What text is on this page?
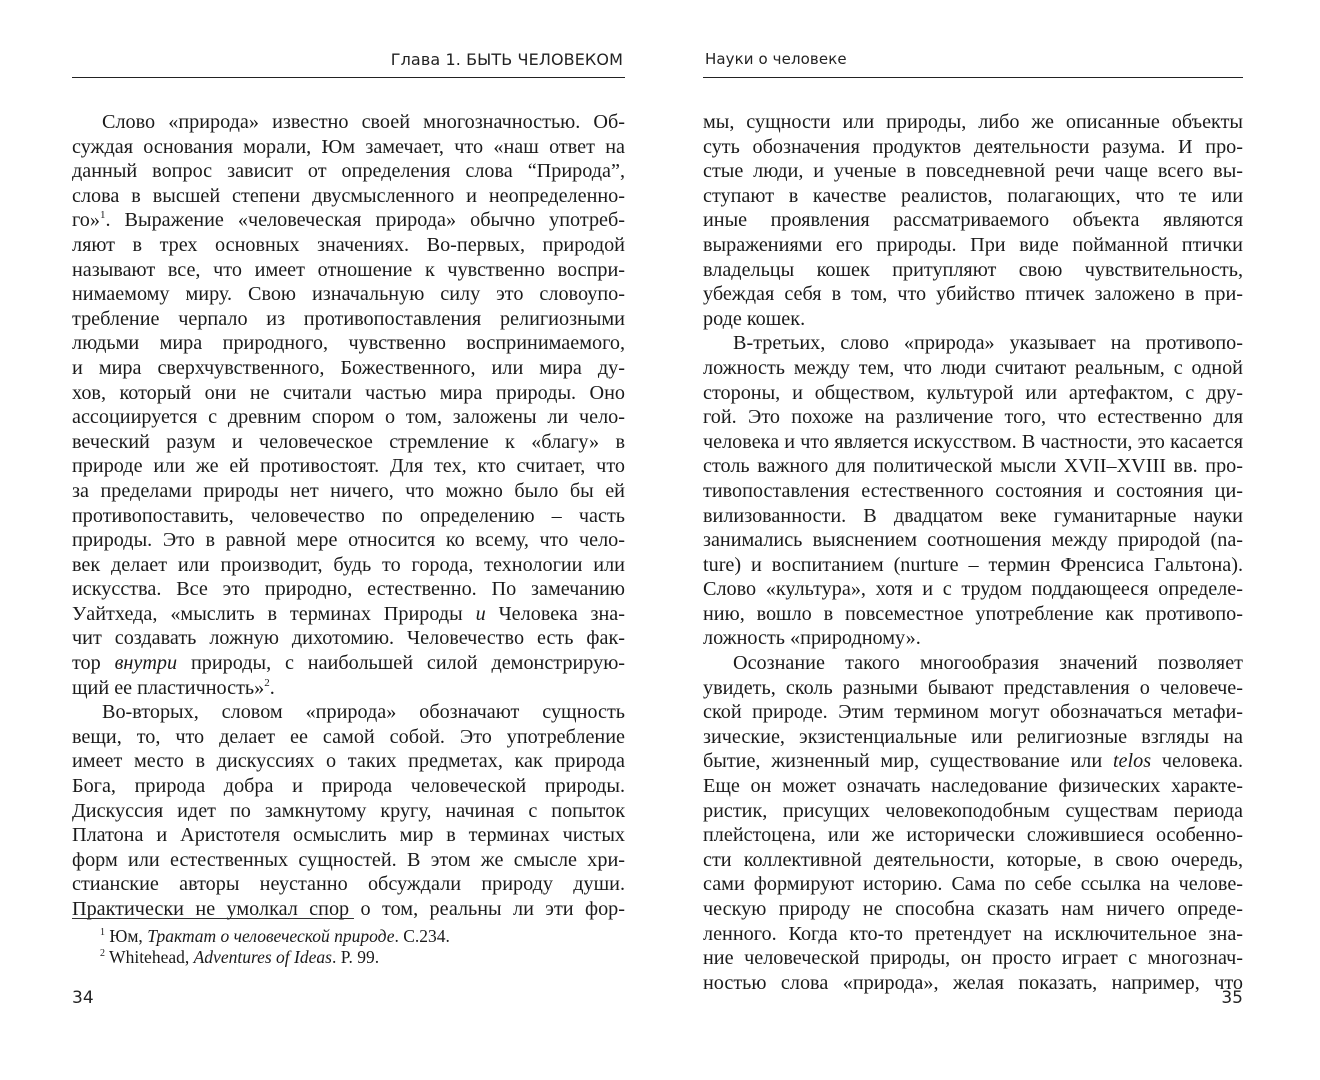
Глава 1. БЫТЬ ЧЕЛОВЕКОМ
Слово «природа» известно своей многозначностью. Об-
суждая основания морали, Юм замечает, что «наш ответ на
данный вопрос зависит от определения слова “Природа”,
слова в высшей степени двусмысленного и неопределенно-
го»$^1$. Выражение «человеческая природа» обычно употреб-
ляют в трех основных значениях. Во-первых, природой
называют все, что имеет отношение к чувственно воспри-
нимаемому миру. Свою изначальную силу это словоупо-
требление черпало из противопоставления религиозными
людьми мира природного, чувственно воспринимаемого,
и мира сверхчувственного, Божественного, или мира ду-
хов, который они не считали частью мира природы. Оно
ассоциируется с древним спором о том, заложены ли чело-
веческий разум и человеческое стремление к «благу» в
природе или же ей противостоят. Для тех, кто считает, что
за пределами природы нет ничего, что можно было бы ей
противопоставить, человечество по определению – часть
природы. Это в равной мере относится ко всему, что чело-
век делает или производит, будь то города, технологии или
искусства. Все это природно, естественно. По замечанию
Уайтхеда, «мыслить в терминах Природы и Человека зна-
чит создавать ложную дихотомию. Человечество есть фак-
тор внутри природы, с наибольшей силой демонстрирую-
щий ее пластичность»$^2$.
Во-вторых, словом «природа» обозначают сущность
вещи, то, что делает ее самой собой. Это употребление
имеет место в дискуссиях о таких предметах, как природа
Бога, природа добра и природа человеческой природы.
Дискуссия идет по замкнутому кругу, начиная с попыток
Платона и Аристотеля осмыслить мир в терминах чистых
форм или естественных сущностей. В этом же смысле хри-
стианские авторы неустанно обсуждали природу души.
Практически не умолкал спор о том, реальны ли эти фор-
$^1$ Юм, Трактат о человеческой природе. С.234.
$^2$ Whitehead, Adventures of Ideas. P. 99.
34
Науки о человеке
мы, сущности или природы, либо же описанные объекты
суть обозначения продуктов деятельности разума. И про-
стые люди, и ученые в повседневной речи чаще всего вы-
ступают в качестве реалистов, полагающих, что те или
иные проявления рассматриваемого объекта являются
выражениями его природы. При виде пойманной птички
владельцы кошек притупляют свою чувствительность,
убеждая себя в том, что убийство птичек заложено в при-
роде кошек.
В-третьих, слово «природа» указывает на противопо-
ложность между тем, что люди считают реальным, с одной
стороны, и обществом, культурой или артефактом, с дру-
гой. Это похоже на различение того, что естественно для
человека и что является искусством. В частности, это касается
столь важного для политической мысли XVII–XVIII вв. про-
тивопоставления естественного состояния и состояния ци-
вилизованности. В двадцатом веке гуманитарные науки
занимались выяснением соотношения между природой (na-
ture) и воспитанием (nurture – термин Френсиса Гальтона).
Слово «культура», хотя и с трудом поддающееся определе-
нию, вошло в повсеместное употребление как противопо-
ложность «природному».
Осознание такого многообразия значений позволяет
увидеть, сколь разными бывают представления о человече-
ской природе. Этим термином могут обозначаться метафи-
зические, экзистенциальные или религиозные взгляды на
бытие, жизненный мир, существование или telos человека.
Еще он может означать наследование физических характе-
ристик, присущих человекоподобным существам периода
плейстоцена, или же исторически сложившиеся особенно-
сти коллективной деятельности, которые, в свою очередь,
сами формируют историю. Сама по себе ссылка на челове-
ческую природу не способна сказать нам ничего опреде-
ленного. Когда кто-то претендует на исключительное зна-
ние человеческой природы, он просто играет с многознач-
ностью слова «природа», желая показать, например, что
35
